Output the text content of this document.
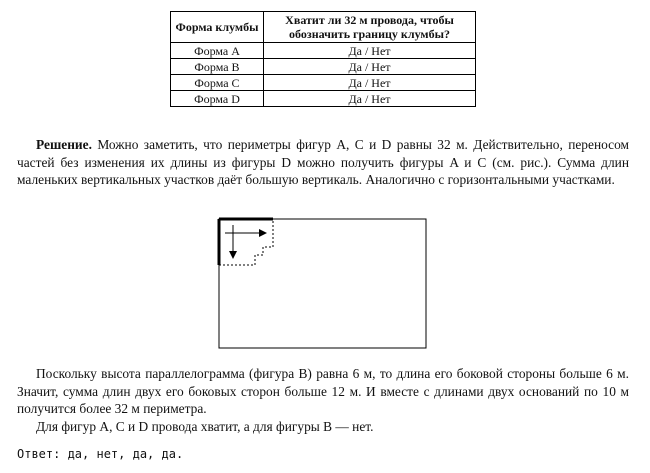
Форма клумбы	Хватит ли 32 м провода, чтобы обозначить границу клумбы?
Форма A	Да / Нет
Форма B	Да / Нет
Форма C	Да / Нет
Форма D	Да / Нет

Решение. Можно заметить, что периметры фигур A, C и D равны 32 м. Действительно, переносом частей без изменения их длины из фигуры D можно получить фигуры A и C (см. рис.). Сумма длин маленьких вертикальных участков даёт большую вертикаль. Аналогично с горизонтальными участками.

Поскольку высота параллелограмма (фигура B) равна 6 м, то длина его боковой стороны больше 6 м. Значит, сумма длин двух его боковых сторон больше 12 м. И вместе с длинами двух оснований по 10 м получится более 32 м периметра.

Для фигур A, C и D провода хватит, а для фигуры B — нет.

Ответ: да, нет, да, да.
